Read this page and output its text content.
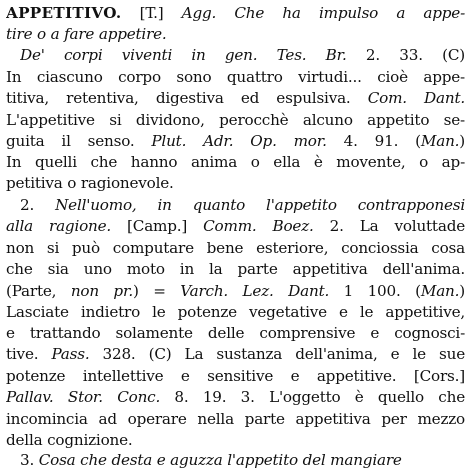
APPETITIVO. [T.] Agg. Che ha impulso a appe-
tire o a fare appetire.
De' corpi viventi in gen. Tes. Br. 2. 33. (C)
In ciascuno corpo sono quattro virtudi... cioè appe-
titiva, retentiva, digestiva ed espulsiva. Com. Dant.
L'appetitive si dividono, perocchè alcuno appetito se-
guita il senso. Plut. Adr. Op. mor. 4. 91. (Man.)
In quelli che hanno anima o ella è movente, o ap-
petitiva o ragionevole.
2. Nell'uomo, in quanto l'appetito contrapponesi
alla ragione. [Camp.] Comm. Boez. 2. La voluttade
non si può computare bene esteriore, conciossia cosa
che sia uno moto in la parte appetitiva dell'anima.
(Parte, non pr.) = Varch. Lez. Dant. 1 100. (Man.)
Lasciate indietro le potenze vegetative e le appetitive,
e trattando solamente delle comprensive e cognosci-
tive. Pass. 328. (C) La sustanza dell'anima, e le sue
potenze intellettive e sensitive e appetitive. [Cors.]
Pallav. Stor. Conc. 8. 19. 3. L'oggetto è quello che
incomincia ad operare nella parte appetitiva per mezzo
della cognizione.
3. Cosa che desta e aguzza l'appetito del mangiare
